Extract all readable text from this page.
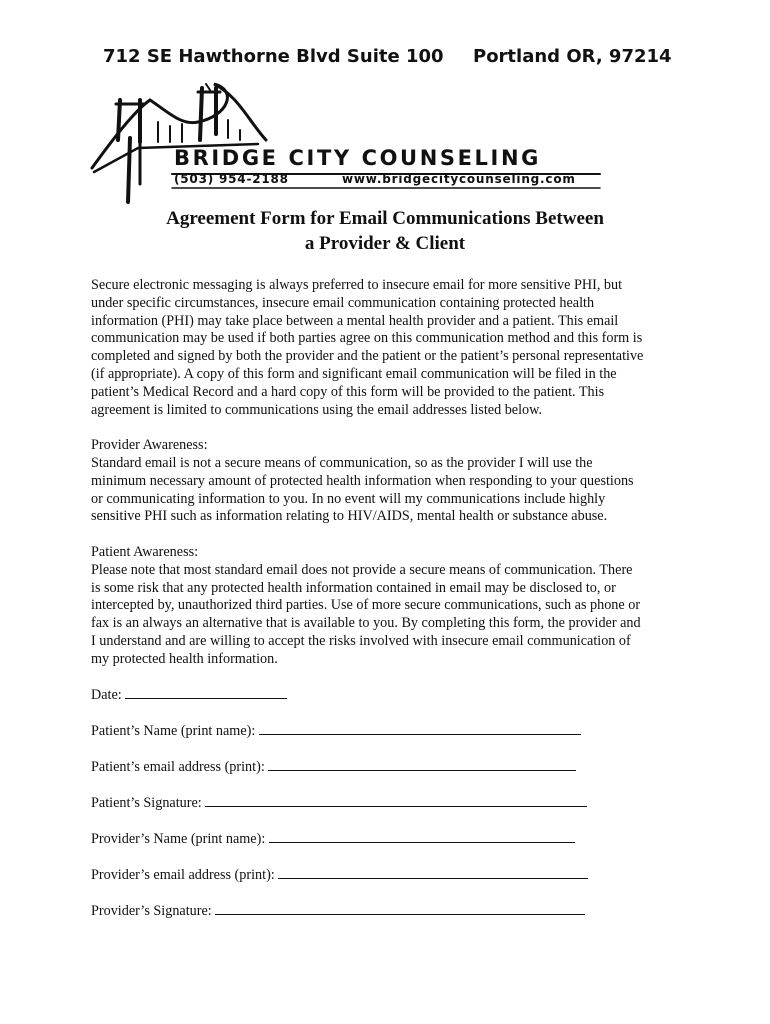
712 SE Hawthorne Blvd Suite 100 Portland OR, 97214
BRIDGE CITY COUNSELING
(503) 954-2188	www.bridgecitycounseling.com
Agreement Form for Email Communications Between
a Provider & Client

Secure electronic messaging is always preferred to insecure email for more sensitive PHI, but
under specific circumstances, insecure email communication containing protected health
information (PHI) may take place between a mental health provider and a patient. This email
communication may be used if both parties agree on this communication method and this form is
completed and signed by both the provider and the patient or the patient’s personal representative
(if appropriate). A copy of this form and significant email communication will be filed in the
patient’s Medical Record and a hard copy of this form will be provided to the patient. This
agreement is limited to communications using the email addresses listed below.

Provider Awareness:
Standard email is not a secure means of communication, so as the provider I will use the
minimum necessary amount of protected health information when responding to your questions
or communicating information to you. In no event will my communications include highly
sensitive PHI such as information relating to HIV/AIDS, mental health or substance abuse.

Patient Awareness:
Please note that most standard email does not provide a secure means of communication. There
is some risk that any protected health information contained in email may be disclosed to, or
intercepted by, unauthorized third parties. Use of more secure communications, such as phone or
fax is an always an alternative that is available to you. By completing this form, the provider and
I understand and are willing to accept the risks involved with insecure email communication of
my protected health information.

Date:
Patient’s Name (print name):
Patient’s email address (print):
Patient’s Signature:
Provider’s Name (print name):
Provider’s email address (print):
Provider’s Signature:
